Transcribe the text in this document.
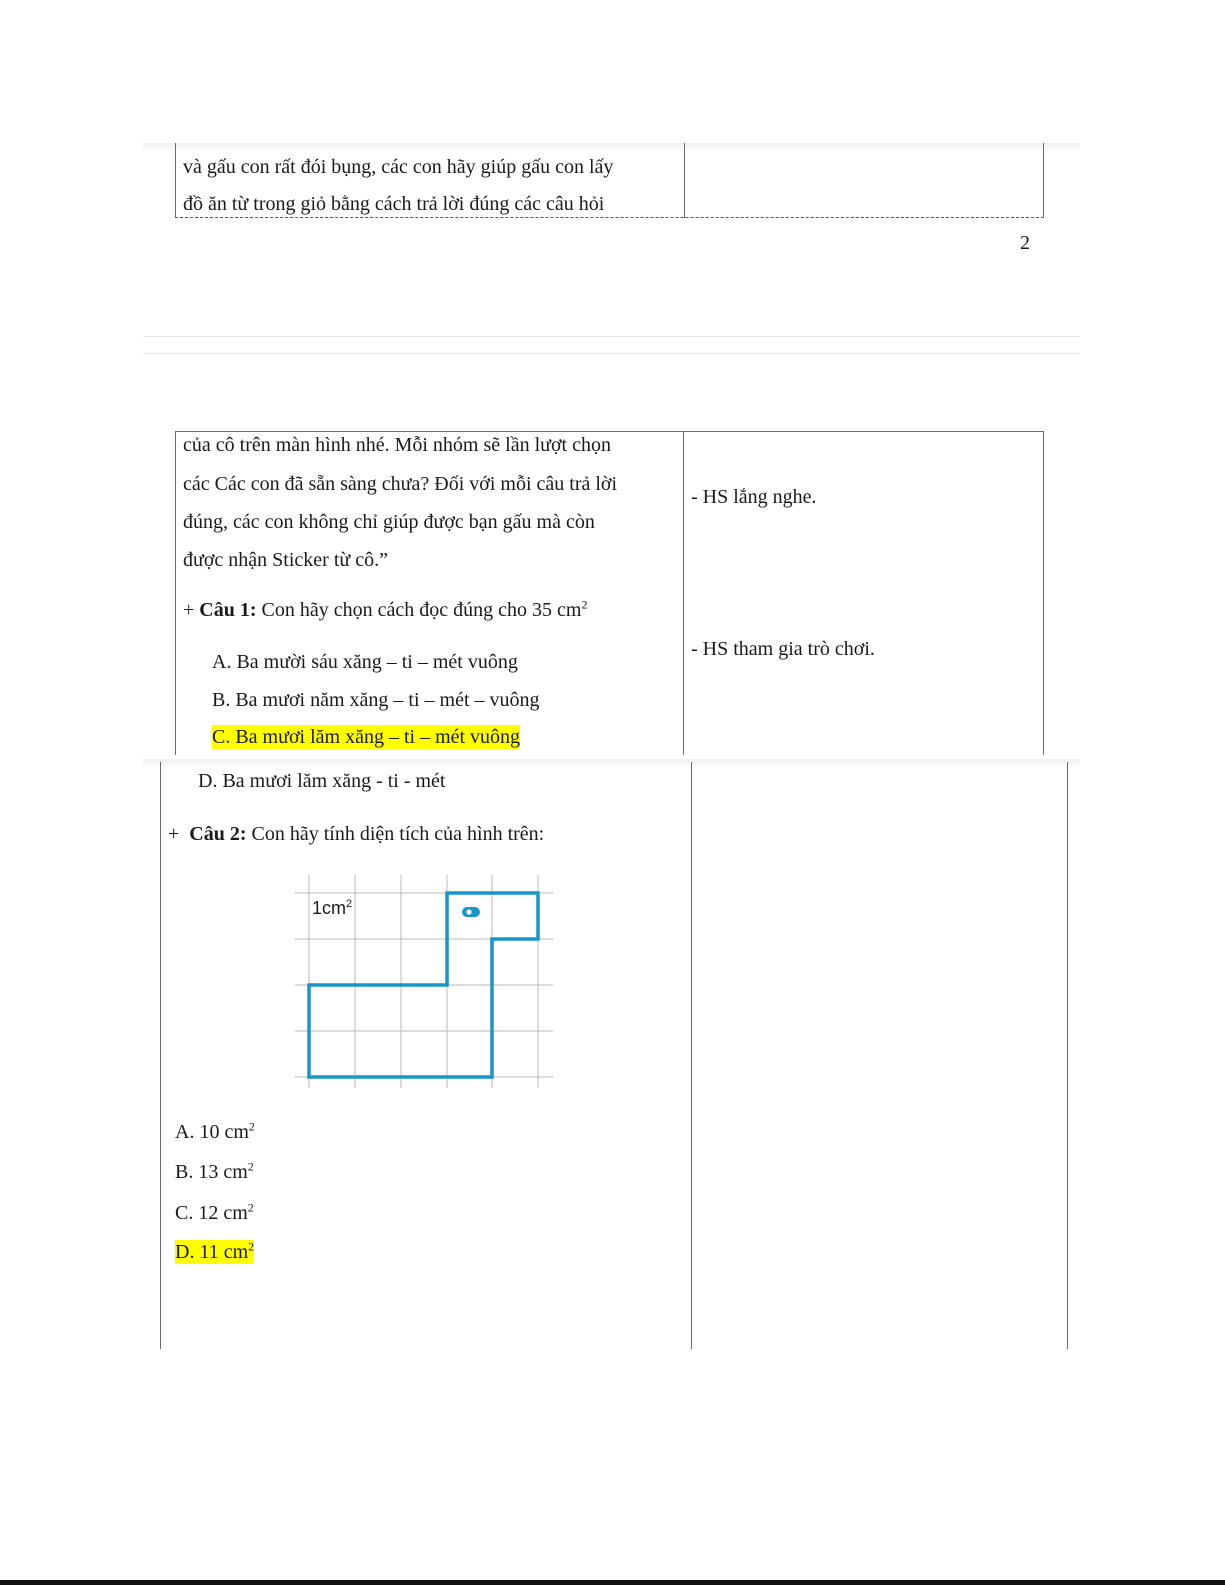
và gấu con rất đói bụng, các con hãy giúp gấu con lấy
đồ ăn từ trong giỏ bằng cách trả lời đúng các câu hỏi
2
của cô trên màn hình nhé. Mỗi nhóm sẽ lần lượt chọn
các Các con đã sẵn sàng chưa? Đối với mỗi câu trả lời
đúng, các con không chỉ giúp được bạn gấu mà còn
được nhận Sticker từ cô.”
+ Câu 1: Con hãy chọn cách đọc đúng cho 35 $cm^2$
A. Ba mười sáu xăng – ti – mét vuông
B. Ba mươi năm xăng – ti – mét – vuông
C. Ba mươi lăm xăng – ti – mét vuông
- HS lắng nghe.
- HS tham gia trò chơi.
D. Ba mươi lăm xăng - ti - mét
+  Câu 2: Con hãy tính diện tích của hình trên:
$1cm^2$
A. 10 $cm^2$
B. 13 $cm^2$
C. 12 $cm^2$
D. 11 $cm^2$
